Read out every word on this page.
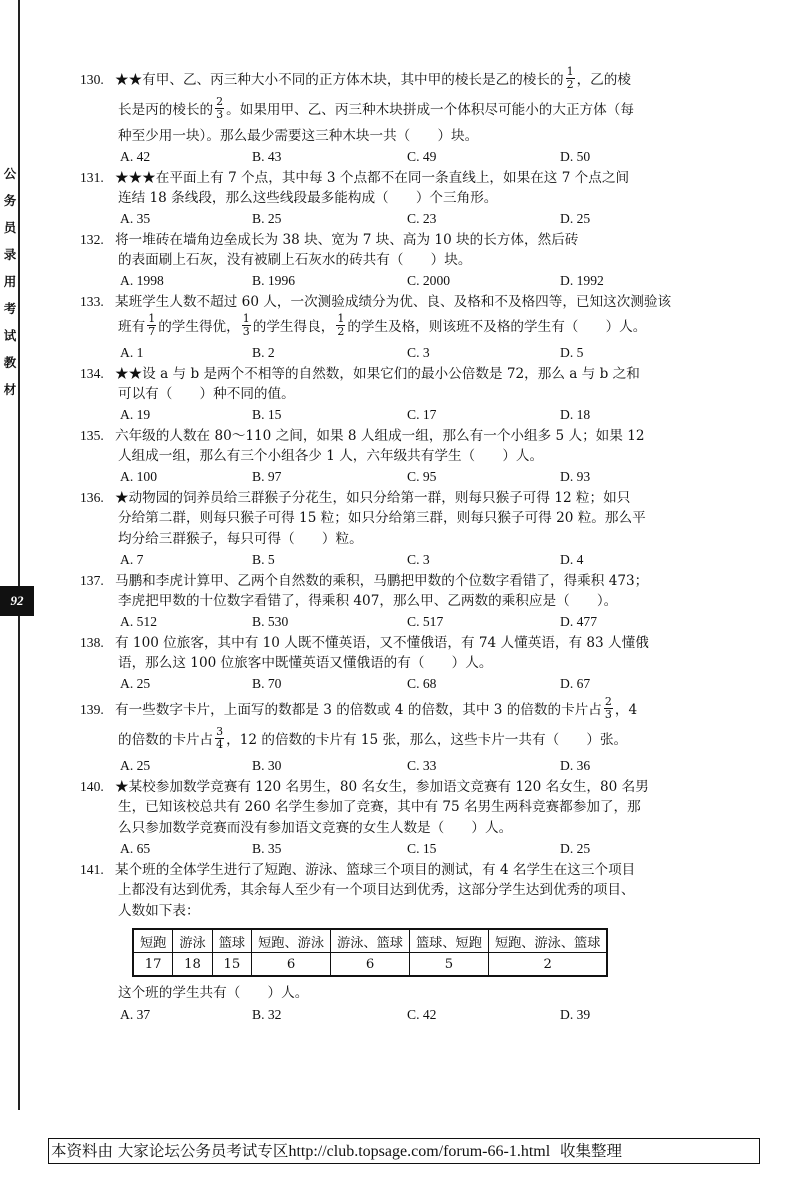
公
务
员
录
用
考
试
教
材
92
130. ★★有甲、乙、丙三种大小不同的正方体木块，其中甲的棱长是乙的棱长的 $\frac{1}{2}$ ，乙的棱
长是丙的棱长的 $\frac{2}{3}$ 。如果用甲、乙、丙三种木块拼成一个体积尽可能小的大正方体（每
种至少用一块）。那么最少需要这三种木块一共（　　）块。
A. 42	B. 43	C. 49	D. 50
131. ★★★在平面上有 7 个点，其中每 3 个点都不在同一条直线上，如果在这 7 个点之间
连结 18 条线段，那么这些线段最多能构成（　　）个三角形。
A. 35	B. 25	C. 23	D. 25
132. 将一堆砖在墙角边垒成长为 38 块、宽为 7 块、高为 10 块的长方体，然后砖
的表面刷上石灰，没有被刷上石灰水的砖共有（　　）块。
A. 1998	B. 1996	C. 2000	D. 1992
133. 某班学生人数不超过 60 人，一次测验成绩分为优、良、及格和不及格四等，已知这次测验该
班有 $\frac{1}{7}$ 的学生得优， $\frac{1}{3}$ 的学生得良， $\frac{1}{2}$ 的学生及格，则该班不及格的学生有（　　）人。
A. 1	B. 2	C. 3	D. 5
134. ★★设 a 与 b 是两个不相等的自然数，如果它们的最小公倍数是 72，那么 a 与 b 之和
可以有（　　）种不同的值。
A. 19	B. 15	C. 17	D. 18
135. 六年级的人数在 80～110 之间，如果 8 人组成一组，那么有一个小组多 5 人；如果 12
人组成一组，那么有三个小组各少 1 人，六年级共有学生（　　）人。
A. 100	B. 97	C. 95	D. 93
136. ★动物园的饲养员给三群猴子分花生，如只分给第一群，则每只猴子可得 12 粒；如只
分给第二群，则每只猴子可得 15 粒；如只分给第三群，则每只猴子可得 20 粒。那么平
均分给三群猴子，每只可得（　　）粒。
A. 7	B. 5	C. 3	D. 4
137. 马鹏和李虎计算甲、乙两个自然数的乘积，马鹏把甲数的个位数字看错了，得乘积 473；
李虎把甲数的十位数字看错了，得乘积 407，那么甲、乙两数的乘积应是（　　）。
A. 512	B. 530	C. 517	D. 477
138. 有 100 位旅客，其中有 10 人既不懂英语，又不懂俄语，有 74 人懂英语，有 83 人懂俄
语，那么这 100 位旅客中既懂英语又懂俄语的有（　　）人。
A. 25	B. 70	C. 68	D. 67
139. 有一些数字卡片，上面写的数都是 3 的倍数或 4 的倍数，其中 3 的倍数的卡片占 $\frac{2}{3}$ ，4
的倍数的卡片占 $\frac{3}{4}$ ，12 的倍数的卡片有 15 张，那么，这些卡片一共有（　　）张。
A. 25	B. 30	C. 33	D. 36
140. ★某校参加数学竞赛有 120 名男生，80 名女生，参加语文竞赛有 120 名女生，80 名男
生，已知该校总共有 260 名学生参加了竞赛，其中有 75 名男生两科竞赛都参加了，那
么只参加数学竞赛而没有参加语文竞赛的女生人数是（　　）人。
A. 65	B. 35	C. 15	D. 25
141. 某个班的全体学生进行了短跑、游泳、篮球三个项目的测试，有 4 名学生在这三个项目
上都没有达到优秀，其余每人至少有一个项目达到优秀，这部分学生达到优秀的项目、
人数如下表：
短跑	游泳	篮球	短跑、游泳	游泳、篮球	篮球、短跑	短跑、游泳、篮球
17	18	15	6	6	5	2
这个班的学生共有（　　）人。
A. 37	B. 32	C. 42	D. 39
本资料由 大家论坛公务员考试专区http://club.topsage.com/forum-66-1.html 收集整理
